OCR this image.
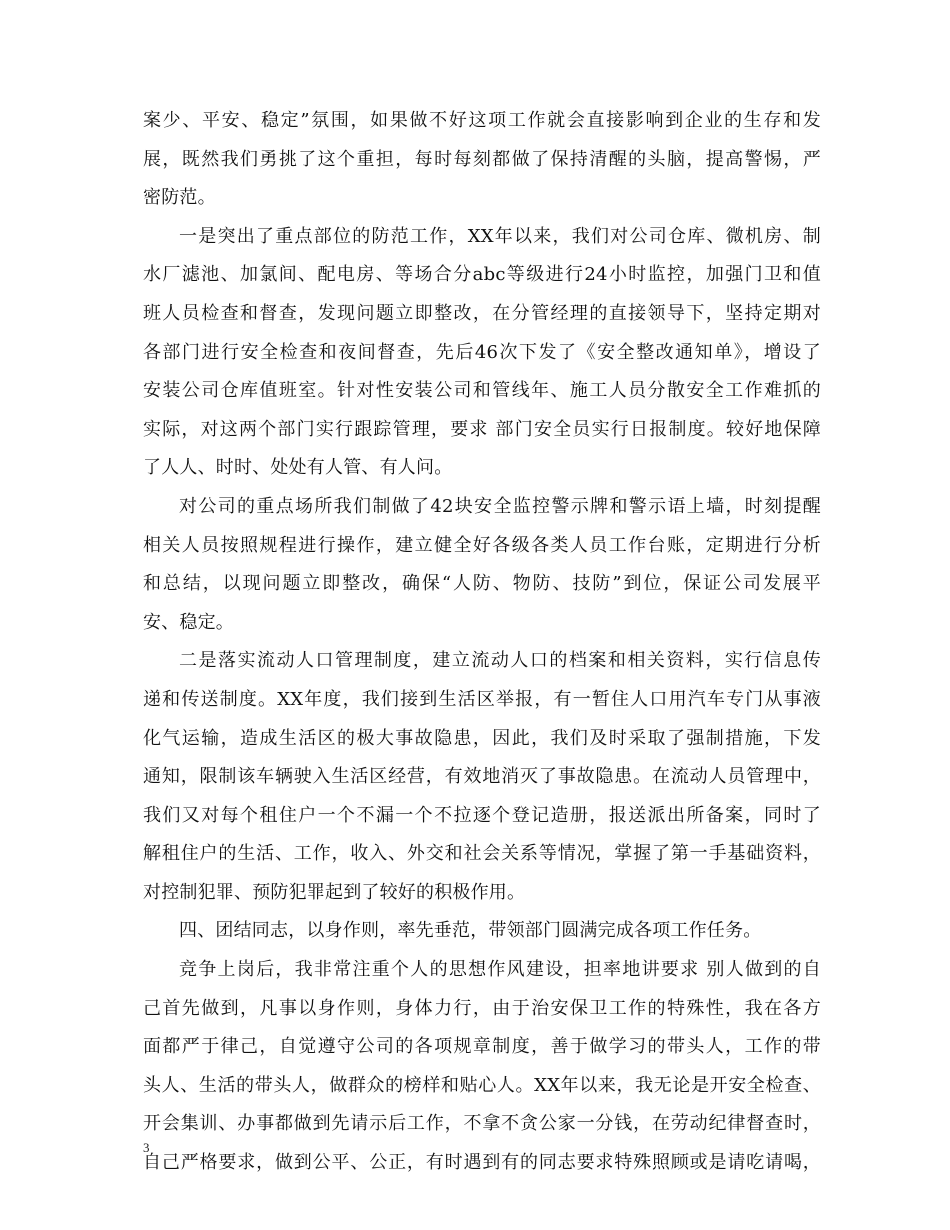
案少、平安、稳定”氛围，如果做不好这项工作就会直接影响到企业的生存和发
展，既然我们勇挑了这个重担，每时每刻都做了保持清醒的头脑，提高警惕，严
密防范。
一是突出了重点部位的防范工作，XX年以来，我们对公司仓库、微机房、制
水厂滤池、加氯间、配电房、等场合分abc等级进行24小时监控，加强门卫和值
班人员检查和督查，发现问题立即整改，在分管经理的直接领导下，坚持定期对
各部门进行安全检查和夜间督查，先后46次下发了《安全整改通知单》，增设了
安装公司仓库值班室。针对性安装公司和管线年、施工人员分散安全工作难抓的
实际，对这两个部门实行跟踪管理，要求 部门安全员实行日报制度。较好地保障
了人人、时时、处处有人管、有人问。
对公司的重点场所我们制做了42块安全监控警示牌和警示语上墙，时刻提醒
相关人员按照规程进行操作，建立健全好各级各类人员工作台账，定期进行分析
和总结，以现问题立即整改，确保“人防、物防、技防”到位，保证公司发展平
安、稳定。
二是落实流动人口管理制度，建立流动人口的档案和相关资料，实行信息传
递和传送制度。XX年度，我们接到生活区举报，有一暂住人口用汽车专门从事液
化气运输，造成生活区的极大事故隐患，因此，我们及时采取了强制措施，下发
通知，限制该车辆驶入生活区经营，有效地消灭了事故隐患。在流动人员管理中，
我们又对每个租住户一个不漏一个不拉逐个登记造册，报送派出所备案，同时了
解租住户的生活、工作，收入、外交和社会关系等情况，掌握了第一手基础资料，
对控制犯罪、预防犯罪起到了较好的积极作用。
四、团结同志，以身作则，率先垂范，带领部门圆满完成各项工作任务。
竞争上岗后，我非常注重个人的思想作风建设，担率地讲要求 别人做到的自
己首先做到，凡事以身作则，身体力行，由于治安保卫工作的特殊性，我在各方
面都严于律己，自觉遵守公司的各项规章制度，善于做学习的带头人，工作的带
头人、生活的带头人，做群众的榜样和贴心人。XX年以来，我无论是开安全检查、
开会集训、办事都做到先请示后工作，不拿不贪公家一分钱，在劳动纪律督查时，
自己严格要求，做到公平、公正，有时遇到有的同志要求特殊照顾或是请吃请喝，
3
